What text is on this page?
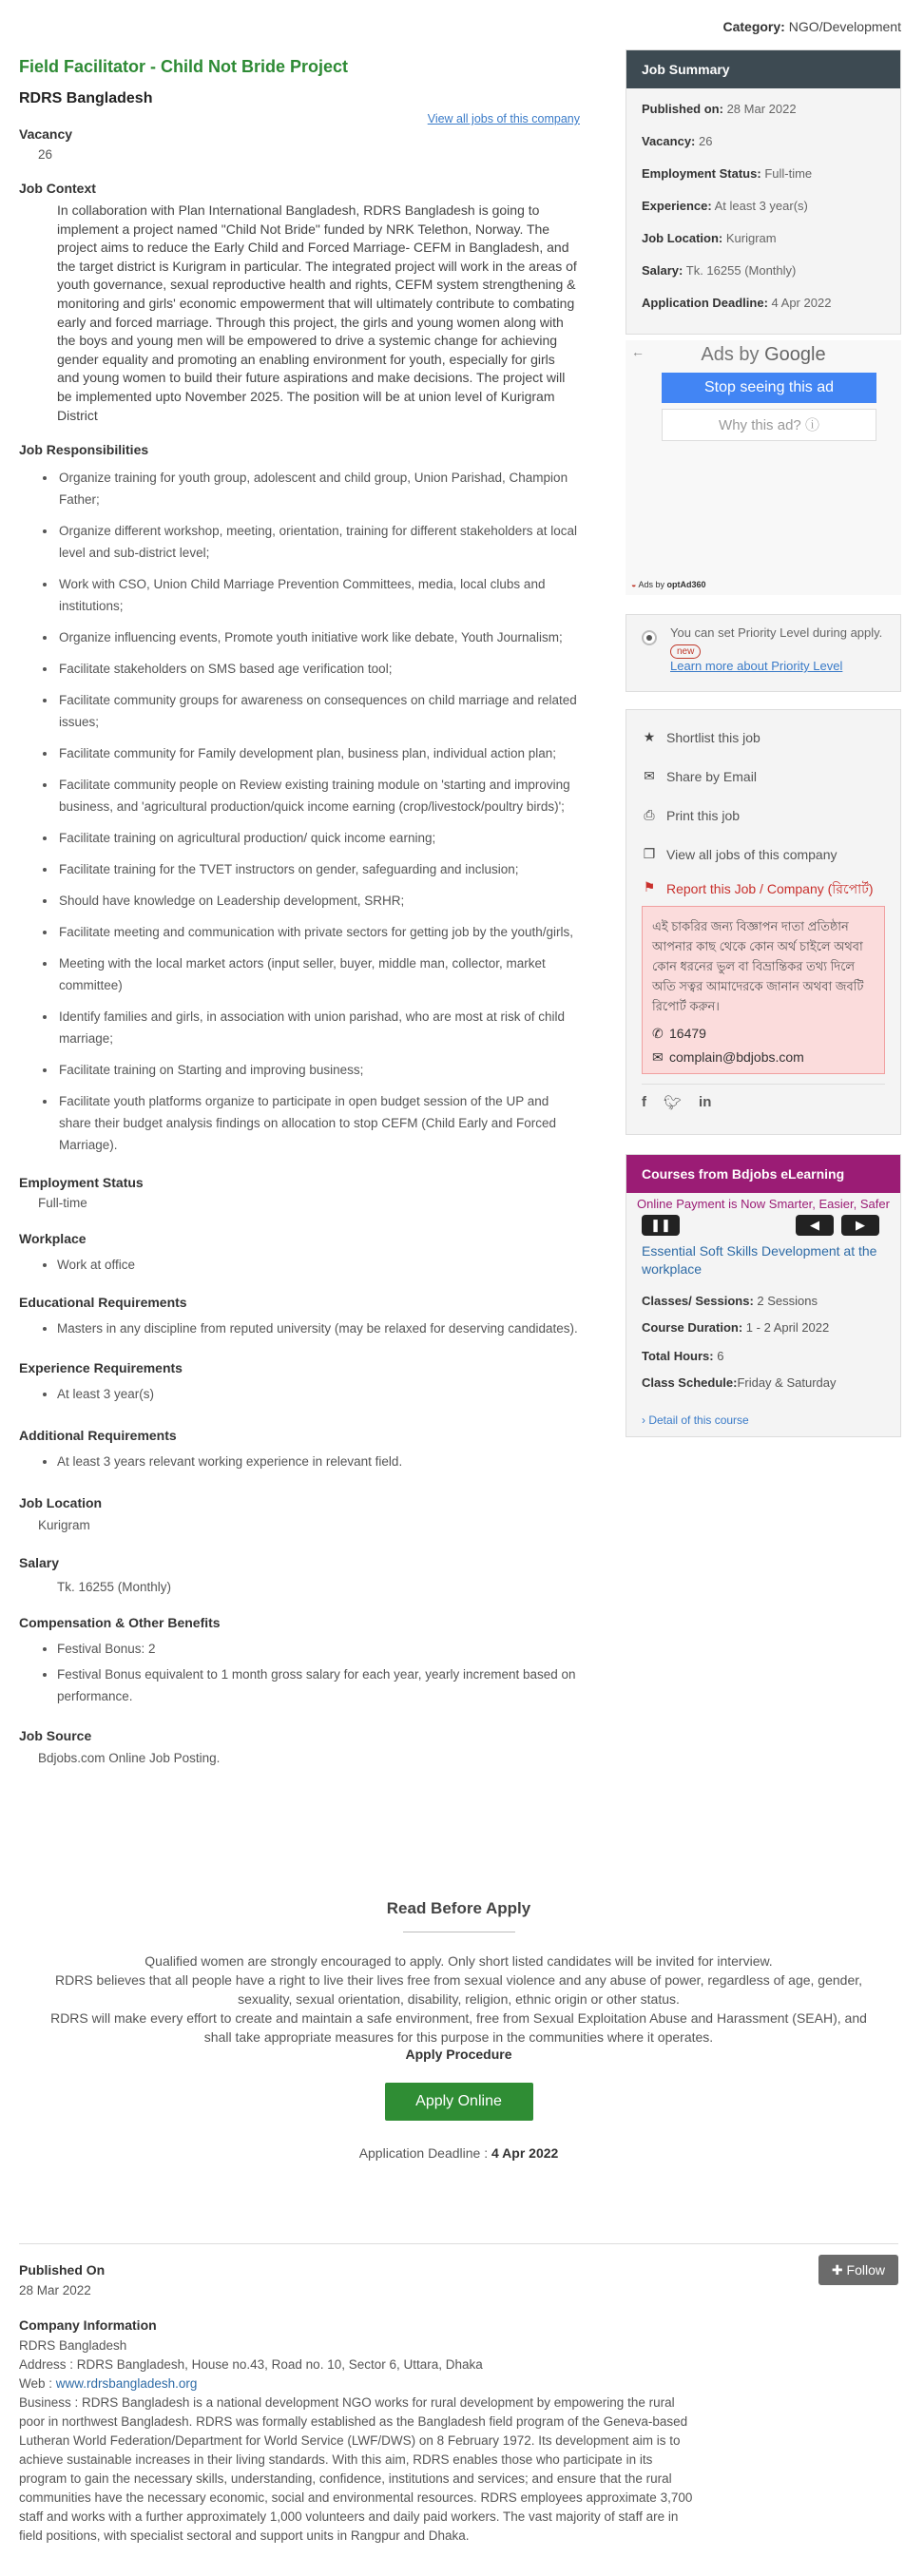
Category: NGO/Development
Field Facilitator - Child Not Bride Project
RDRS Bangladesh
View all jobs of this company
Vacancy
26
Job Context
In collaboration with Plan International Bangladesh, RDRS Bangladesh is going to implement a project named "Child Not Bride" funded by NRK Telethon, Norway. The project aims to reduce the Early Child and Forced Marriage- CEFM in Bangladesh, and the target district is Kurigram in particular. The integrated project will work in the areas of youth governance, sexual reproductive health and rights, CEFM system strengthening & monitoring and girls' economic empowerment that will ultimately contribute to combating early and forced marriage. Through this project, the girls and young women along with the boys and young men will be empowered to drive a systemic change for achieving gender equality and promoting an enabling environment for youth, especially for girls and young women to build their future aspirations and make decisions. The project will be implemented upto November 2025. The position will be at union level of Kurigram District
Job Responsibilities
• Organize training for youth group, adolescent and child group, Union Parishad, Champion Father;
• Organize different workshop, meeting, orientation, training for different stakeholders at local level and sub-district level;
• Work with CSO, Union Child Marriage Prevention Committees, media, local clubs and institutions;
• Organize influencing events, Promote youth initiative work like debate, Youth Journalism;
• Facilitate stakeholders on SMS based age verification tool;
• Facilitate community groups for awareness on consequences on child marriage and related issues;
• Facilitate community for Family development plan, business plan, individual action plan;
• Facilitate community people on Review existing training module on 'starting and improving business, and 'agricultural production/quick income earning (crop/livestock/poultry birds)';
• Facilitate training on agricultural production/ quick income earning;
• Facilitate training for the TVET instructors on gender, safeguarding and inclusion;
• Should have knowledge on Leadership development, SRHR;
• Facilitate meeting and communication with private sectors for getting job by the youth/girls,
• Meeting with the local market actors (input seller, buyer, middle man, collector, market committee)
• Identify families and girls, in association with union parishad, who are most at risk of child marriage;
• Facilitate training on Starting and improving business;
• Facilitate youth platforms organize to participate in open budget session of the UP and share their budget analysis findings on allocation to stop CEFM (Child Early and Forced Marriage).
Employment Status
Full-time
Workplace
• Work at office
Educational Requirements
• Masters in any discipline from reputed university (may be relaxed for deserving candidates).
Experience Requirements
• At least 3 year(s)
Additional Requirements
• At least 3 years relevant working experience in relevant field.
Job Location
Kurigram
Salary
Tk. 16255 (Monthly)
Compensation & Other Benefits
• Festival Bonus: 2
• Festival Bonus equivalent to 1 month gross salary for each year, yearly increment based on performance.
Job Source
Bdjobs.com Online Job Posting.
Read Before Apply
Qualified women are strongly encouraged to apply. Only short listed candidates will be invited for interview.
RDRS believes that all people have a right to live their lives free from sexual violence and any abuse of power, regardless of age, gender,
sexuality, sexual orientation, disability, religion, ethnic origin or other status.
RDRS will make every effort to create and maintain a safe environment, free from Sexual Exploitation Abuse and Harassment (SEAH), and
shall take appropriate measures for this purpose in the communities where it operates.
Apply Procedure
Apply Online
Application Deadline : 4 Apr 2022
Published On
28 Mar 2022
✚ Follow
Company Information
RDRS Bangladesh
Address : RDRS Bangladesh, House no.43, Road no. 10, Sector 6, Uttara, Dhaka
Web : www.rdrsbangladesh.org
Business : RDRS Bangladesh is a national development NGO works for rural development by empowering the rural
poor in northwest Bangladesh. RDRS was formally established as the Bangladesh field program of the Geneva-based
Lutheran World Federation/Department for World Service (LWF/DWS) on 8 February 1972. Its development aim is to
achieve sustainable increases in their living standards. With this aim, RDRS enables those who participate in its
program to gain the necessary skills, understanding, confidence, institutions and services; and ensure that the rural
communities have the necessary economic, social and environmental resources. RDRS employees approximate 3,700
staff and works with a further approximately 1,000 volunteers and daily paid workers. The vast majority of staff are in
field positions, with specialist sectoral and support units in Rangpur and Dhaka.
Job Summary
Published on: 28 Mar 2022
Vacancy: 26
Employment Status: Full-time
Experience: At least 3 year(s)
Job Location: Kurigram
Salary: Tk. 16255 (Monthly)
Application Deadline: 4 Apr 2022
←	Ads by Google
Stop seeing this ad
Why this ad? ⓘ
◒ Ads by optAd360
You can set Priority Level during apply. new
Learn more about Priority Level
★ Shortlist this job
✉ Share by Email
⎙ Print this job
❐ View all jobs of this company
⚑ Report this Job / Company (রিপোর্ট)
এই চাকরির জন্য বিজ্ঞাপন দাতা প্রতিষ্ঠান আপনার কাছ থেকে কোন অর্থ চাইলে অথবা কোন ধরনের ভুল বা বিভ্রান্তিকর তথ্য দিলে অতি সত্বর আমাদেরকে জানান অথবা জবটি রিপোর্ট করুন।
✆ 16479
✉ complain@bdjobs.com
f 🐦︎ in
Courses from Bdjobs eLearning
Online Payment is Now Smarter, Easier, Safer
❚❚	◀	▶
Essential Soft Skills Development at the workplace
Classes/ Sessions: 2 Sessions
Course Duration: 1 - 2 April 2022
Total Hours: 6
Class Schedule:Friday & Saturday
› Detail of this course
